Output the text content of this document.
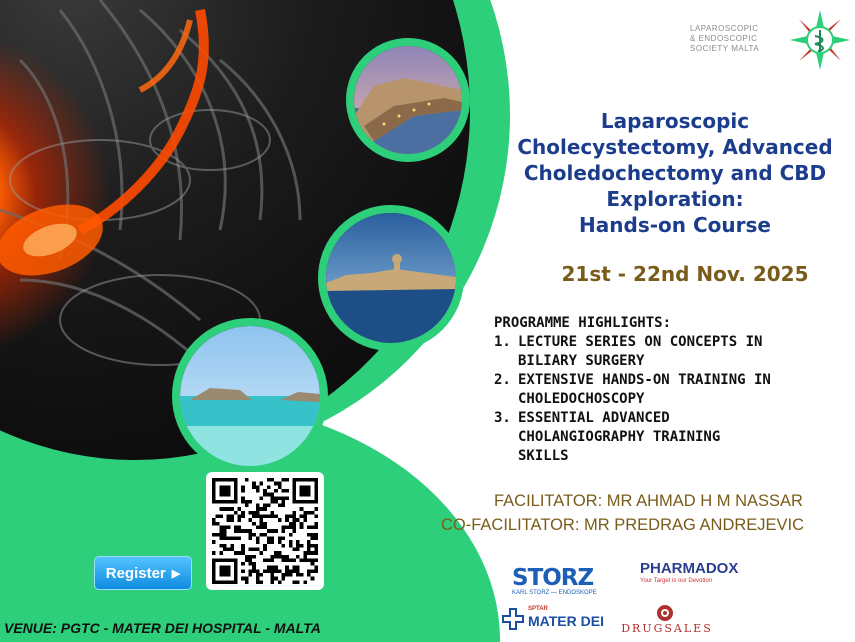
LAPAROSCOPIC
& ENDOSCOPIC
SOCIETY MALTA
Laparoscopic
Cholecystectomy, Advanced
Choledochectomy and CBD
Exploration:
Hands-on Course
21st - 22nd Nov. 2025
PROGRAMME HIGHLIGHTS:
1. LECTURE SERIES ON CONCEPTS IN
BILIARY SURGERY
2. EXTENSIVE HANDS-ON TRAINING IN
CHOLEDOCHOSCOPY
3. ESSENTIAL ADVANCED
CHOLANGIOGRAPHY TRAINING
SKILLS
FACILITATOR: MR AHMAD H M NASSAR
CO-FACILITATOR: MR PREDRAG ANDREJEVIC
Register ▶
VENUE: PGTC - MATER DEI HOSPITAL - MALTA
STORZ
KARL STORZ — ENDOSKOPE
PHARMADOX
Your Target is our Devotion
SPTAR
MATER DEI	DRUGSALES
